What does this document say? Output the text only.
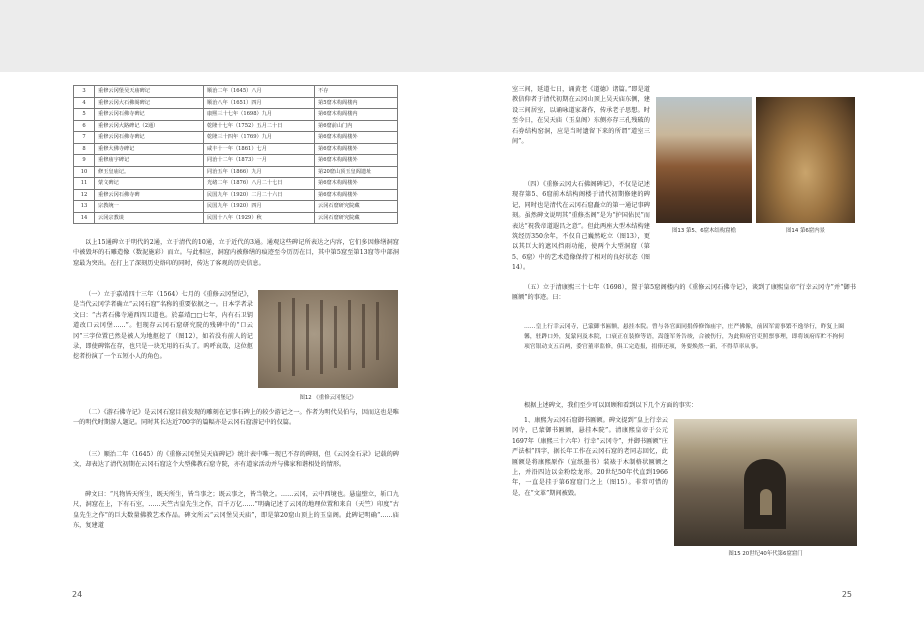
3	重修云冈堡吴天庙碑记	顺治二年（1645）八月	不存
4	重修云冈大石佛阁碑记	顺治八年（1651）四月	第5窟木构阁楼内
5	重修云冈石佛寺碑记	康熙三十七年（1698）九月	第6窟木构阁楼内
6	重修云冈大路碑记（2通）	乾隆十七年（1752）五月二十日	第6窟前山门内
7	重修云冈石佛寺碑记	乾隆三十四年（1769）九月	第6窟木构阁楼外
8	重修大佛寺碑记	咸丰十一年（1861）七月	第6窟木构阁楼外
9	重修庙宇碑记	同治十二年（1873）一月	第6窟木构阁楼外
10	修玉皇庙记。	同治五年（1866）九月	第20窟山顶玉皇阁遗址
11	蒙文碑记	光绪二年（1876）八月二十七日	第6窟木构阁楼外
12	重修云冈石佛寺碑	民国九年（1920）二月二十六日	第6窟木构阁楼外
13	宗教统一	民国九年（1920）四月	云冈石窟研究院藏
14	云冈宗教谈	民国十八年（1929）秋	云冈石窟研究院藏

以上15通碑立于明代的2通，立于清代的10通，立于近代的3通。通观这些碑记所表达之内容，它们多因修缮洞窟中被毁坏的石雕造像（数泥施彩）而立。与此相应，洞窟内被修缮的痕迹至今历历在目，其中第5窟至第13窟等中部洞窟最为突出。在打上了深刻历史烙印的同时，传达了客观的历史信息。

（一）立于嘉靖四十三年（1564）七月的《重修云冈堡记》，是当代云冈学者确立“云冈石窟”名称的重要依据之一。日本学者录文曰：“古者石佛寺通西四卫道也。於嘉靖□□七年，内有石卫钥道改口云冈堡……”。但现存云冈石窟研究院的残碑中的“口云冈”三字位置已然是被人为地抠挖了（图12），如若没有前人的记录，即使碑铭在存，也只是一块无用的石头了。呜呼哀哉，这位抠挖者扮演了一个五短小人的角色。

图12 《重修云冈堡记》

（二）《游石佛寺记》是云冈石窟目前发现的雕刻在记事石碑上的较少游记之一。作者为明代吴伯与，因而这也是唯一的明代时期游人题记。同时其长达近700字的篇幅亦是云冈石窟游记中的仅篇。

（三）顺治二年（1645）的《重修云冈堡吴天庙碑记》统计表中唯一现已不存的碑刻，但《云冈金石录》记载的碑文，却表达了清代初期在云冈石窟这个大型佛教石窟寺院，亦有道家活动并与佛家和谐相处的情形。

碑文曰：“凡物皆天所生，既天所生，皆当事之；既云事之，皆当敬之。……云冈，云中西境也。悬崖壁立，斩口九尺，洞窟在上，下有石室，……天竺古皇先生之作，百千万亿……”明确记述了云冈的地理位置和来自（天竺）印度“古皇先生之作”的巨大数量佛教艺术作品。碑文所云“云冈堡吴天庙”，即是第20窟山顶上的玉皇阁。此碑记明确“……庙东，复建道

24

室三间，延道七日，诵黄老《道德》诸篇。”即是道教信仰者于清代初期在云冈山顶上吴天庙东侧，建设三间居室，以诵咏道家著作，传承老子思想。时至今日，在吴天庙（玉皇阁）东侧亦存三孔残破的石券结构窑洞，应是当时遗留下来的所谓“道室三间”。

（四）《重修云冈大石佛阁碑记》，不仅是记述现存第5、6窟前木结构阁楼于清代初期修建的碑记，同时也是清代在云冈石窟矗立的第一通记事碑刻。虽然碑文说明其“重修杰阁”是为“护国佑民”而表达“祝我帝道遐昌之意”。但此两座大型木结构建筑经历350余年，不仅自己巍然屹立（图13），更以其巨大的遮风挡雨功能，使两个大型洞窟（第5、6窟）中的艺术造像保持了相对的良好状态（图14）。

图13 第5、6窟木结构窟檐	图14 第6窟内景

（五）立于清康熙三十七年（1698），置于第5窟阁楼内的《重修云冈石佛寺记》，谈到了康熙皇帝“行幸云冈寺”并“御书匾额”的事迹。曰：

……皇上行幸云冈寺，已蒙御书匾额，悬挂本院。曾与各官面同捐俸修饰庙宇，庄严佛像，前因军需事繁不逸举行，昨复上圈馨，驻跸口外，复蒙问及本院，口衰正在装修等语，嵩蓬军务告竣，合被伤行，为此仰府官吏照票事理，即将该府库贮不拘何项官银动支五百两，委官董率监修，俱工完造报，捐俸还项，务要焕然一新，不得草率从事。

根据上述碑文，我们至少可以回顾和看到以下几个方面的事实：

1、康熙为云冈石窟御书匾额。碑文提到“皇上行幸云冈寺，已蒙御书匾额，悬挂本院”。清康熙皇帝于公元1697年（康熙三十六年）行幸“云冈寺”，并御书匾额“庄严法相”四字，据长年工作在云冈石窟的老同志回忆，此匾额是将康熙原作（宣纸墨书）装裱于木制格状匾额之上，并沿四边以金粉绘龙形。20世纪50年代直到1966年，一直是挂于第6窟窟门之上（图15）。非常可惜的是，在“文革”期间被毁。

图15 20世纪40年代第6窟窟门
25
